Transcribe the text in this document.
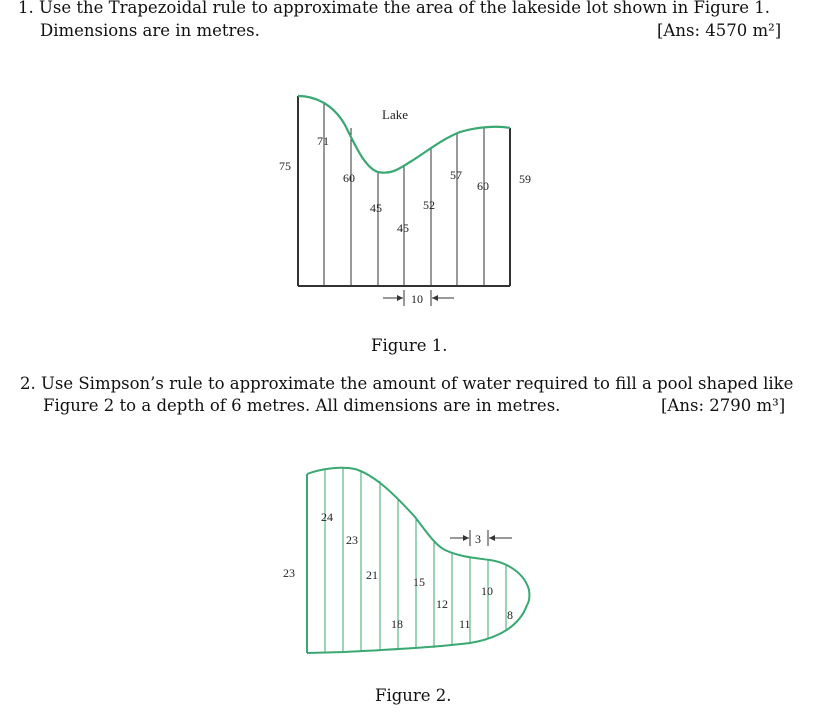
1. Use the Trapezoidal rule to approximate the area of the lakeside lot shown in Figure 1.
Dimensions are in metres.	[Ans: 4570 m²]
Lake
75
71
60
45
45
52
57
60	59
10
23
24
23
21
18
15
12
11
10
8
3
Figure 1.
2. Use Simpson’s rule to approximate the amount of water required to fill a pool shaped like
Figure 2 to a depth of 6 metres. All dimensions are in metres.	[Ans: 2790 m³]
Figure 2.
